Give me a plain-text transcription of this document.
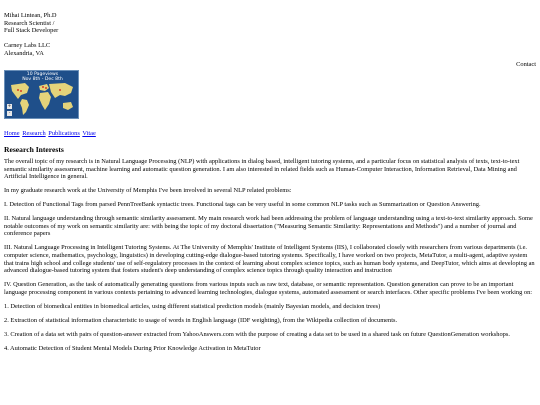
Mihai Lintean, Ph.D
Research Scientist /
Full Stack Developer
Carney Labs LLC
Alexandria, VA
Contact
10 Pageviews
Nov 8th - Dec 8th
+
-
Home Research Publications Vitae
Research Interests

The overall topic of my research is in Natural Language Processing (NLP) with applications in dialog based, intelligent tutoring systems, and a particular focus on statistical analysis of texts, text-to-text semantic similarity assessment, machine learning and automatic question generation. I am also interested in related fields such as Human-Computer Interaction, Information Retrieval, Data Mining and Artificial Intelligence in general.

In my graduate research work at the University of Memphis I've been involved in several NLP related problems:

I. Detection of Functional Tags from parsed PennTreeBank syntactic trees. Functional tags can be very useful in some common NLP tasks such as Summarization or Question Answering.

II. Natural language understanding through semantic similarity assessment. My main research work had been addressing the problem of language understanding using a text-to-text similarity approach. Some notable outcomes of my work on semantic similarity are: with being the topic of my doctoral dissertation ("Measuring Semantic Similarity: Representations and Methods") and a number of journal and conference papers

III. Natural Language Processing in Intelligent Tutoring Systems. At The University of Memphis' Institute of Intelligent Systems (IIS), I collaborated closely with researchers from various departments (i.e. computer science, mathematics, psychology, linguistics) in developing cutting-edge dialogue-based tutoring systems. Specifically, I have worked on two projects, MetaTutor, a multi-agent, adaptive system that trains high school and college students' use of self-regulatory processes in the context of learning about complex science topics, such as human body systems, and DeepTutor, which aims at developing an advanced dialogue-based tutoring system that fosters student's deep understanding of complex science topics through quality interaction and instruction

IV. Question Generation, as the task of automatically generating questions from various inputs such as raw text, database, or semantic representation. Question generation can prove to be an important language processing component in various contexts pertaining to advanced learning technologies, dialogue systems, automated assessment or search interfaces. Other specific problems I've been working on:

1. Detection of biomedical entities in biomedical articles, using different statistical prediction models (mainly Bayesian models, and decision trees)

2. Extraction of statistical information characteristic to usage of words in English language (IDF weighting), from the Wikipedia collection of documents.

3. Creation of a data set with pairs of question-answer extracted from YahooAnswers.com with the purpose of creating a data set to be used in a shared task on future QuestionGeneration workshops.

4. Automatic Detection of Student Mental Models During Prior Knowledge Activation in MetaTutor
